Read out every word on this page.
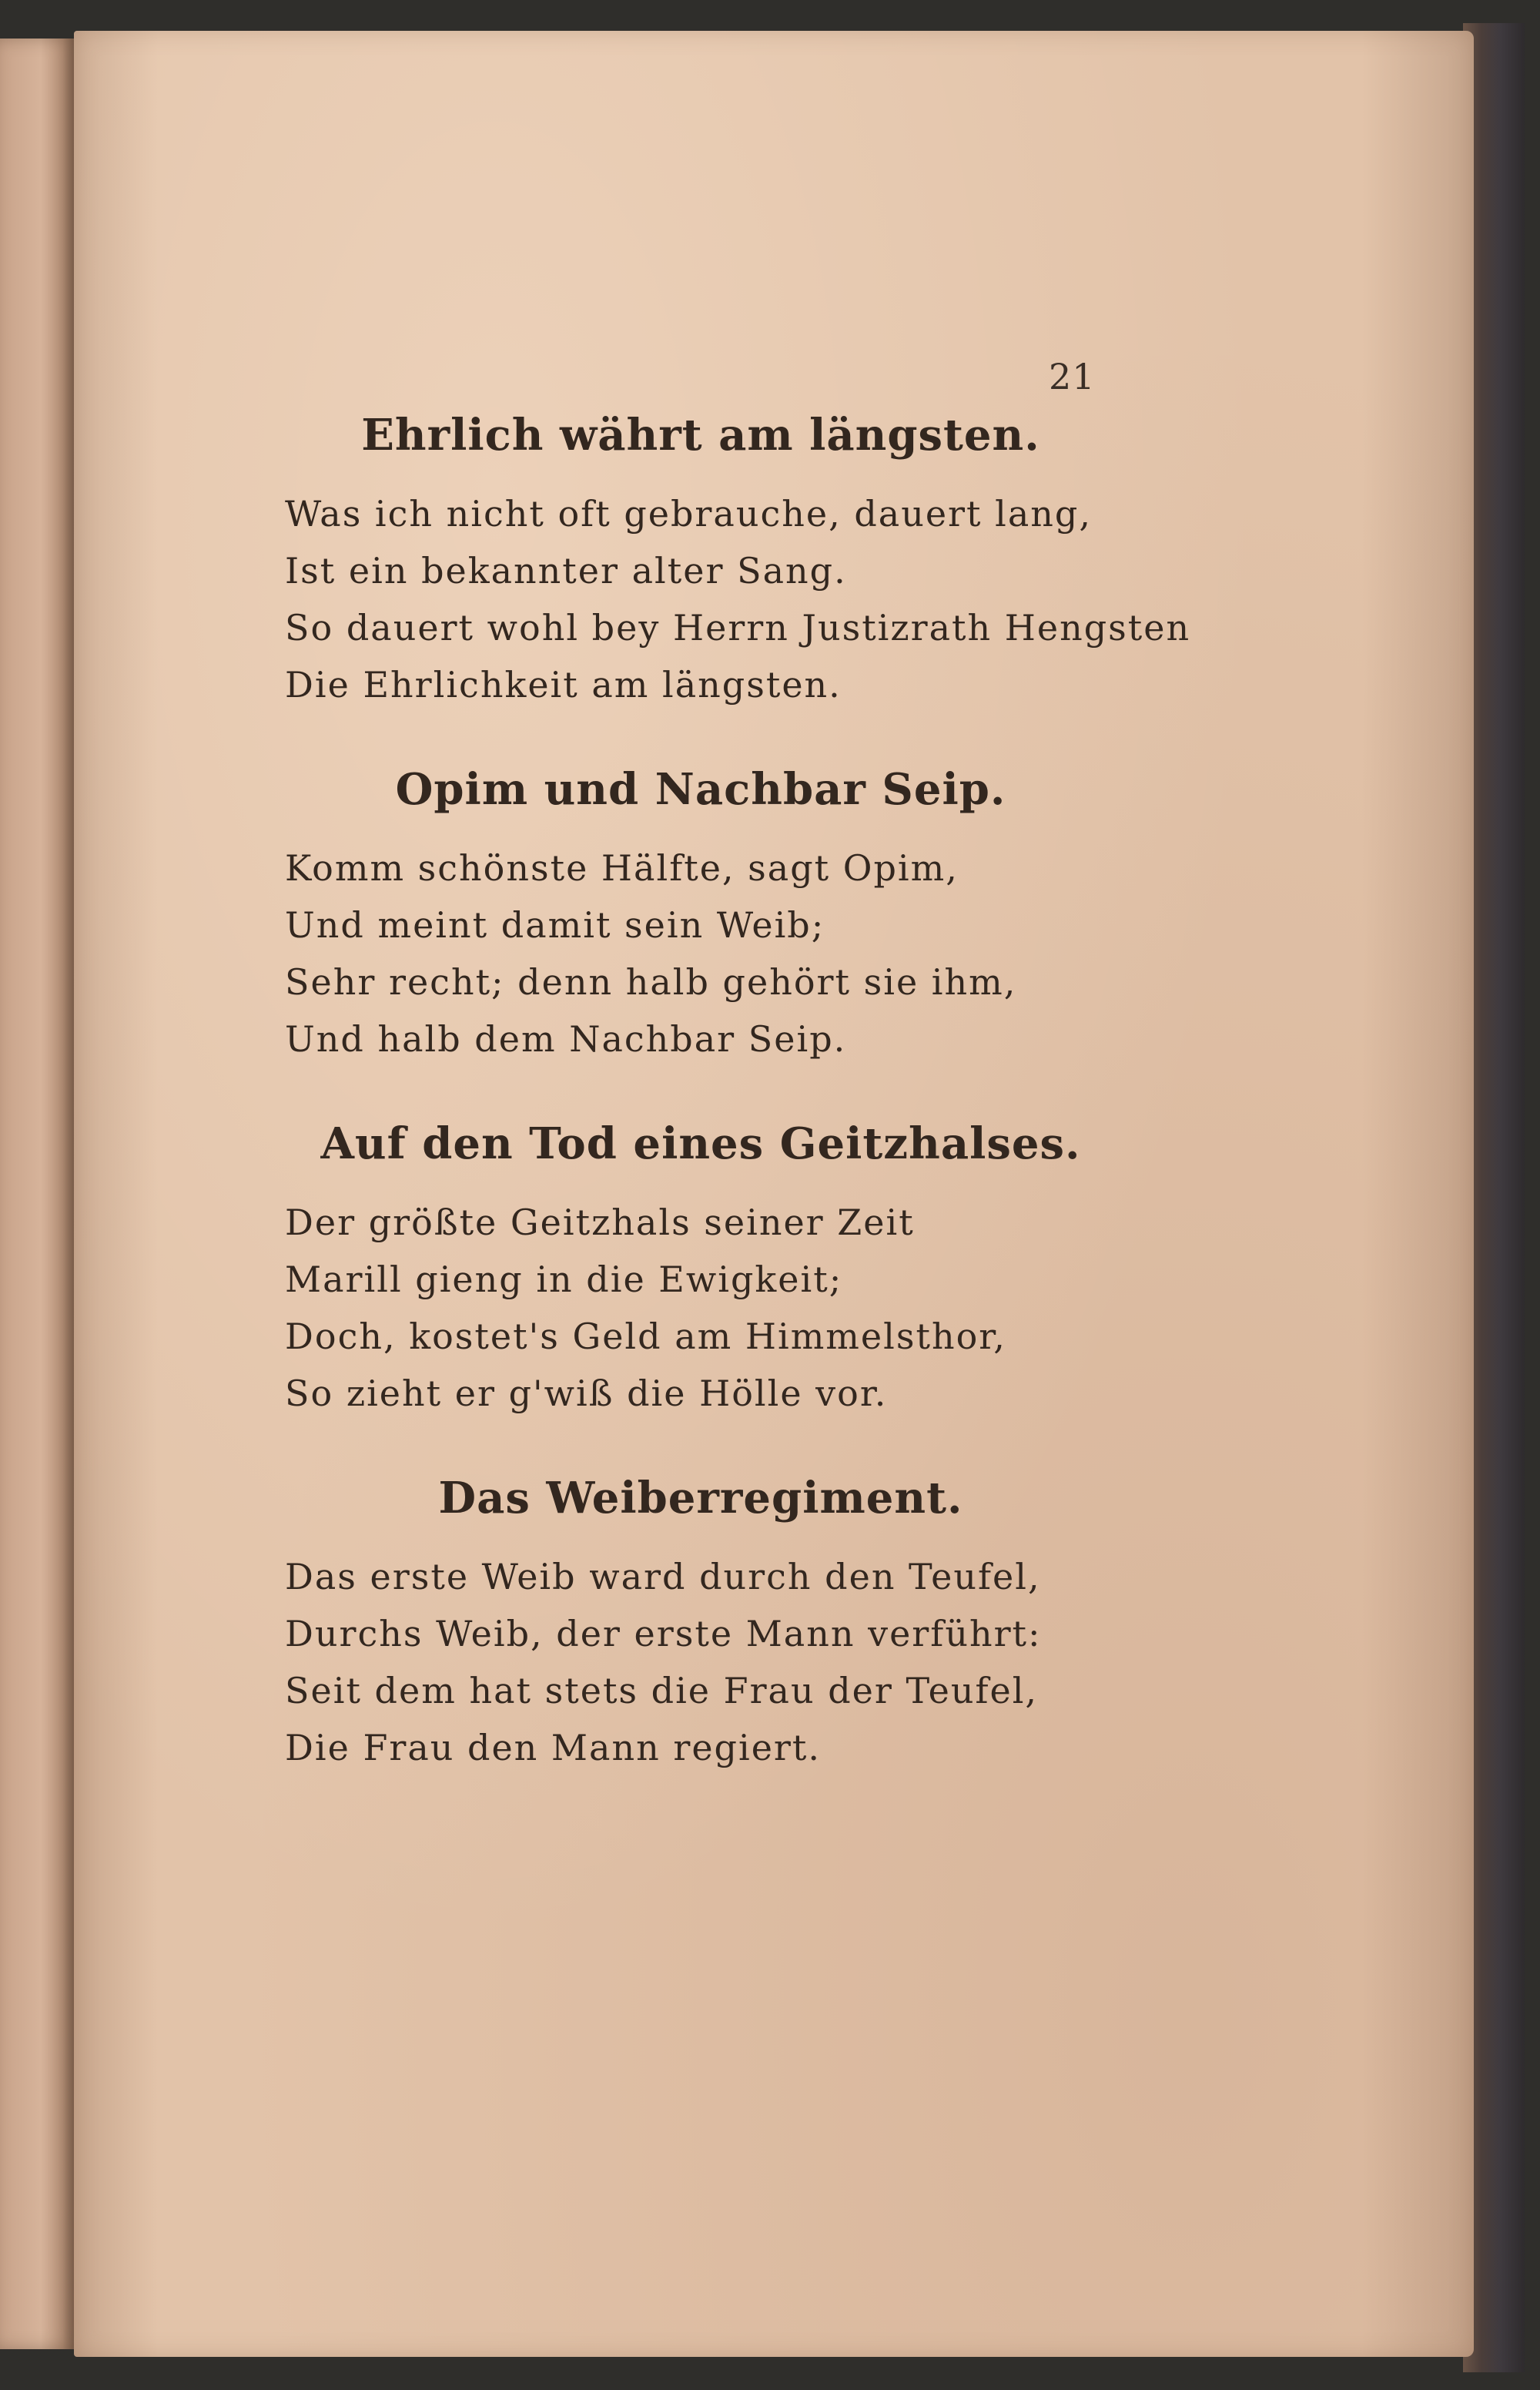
21
Ehrlich währt am längsten.
Was ich nicht oft gebrauche, dauert lang,
Ist ein bekannter alter Sang.
So dauert wohl bey Herrn Justizrath Hengsten
Die Ehrlichkeit am längsten.
Opim und Nachbar Seip.
Komm schönste Hälfte, sagt Opim,
Und meint damit sein Weib;
Sehr recht; denn halb gehört sie ihm,
Und halb dem Nachbar Seip.
Auf den Tod eines Geitzhalses.
Der größte Geitzhals seiner Zeit
Marill gieng in die Ewigkeit;
Doch, kostet's Geld am Himmelsthor,
So zieht er g'wiß die Hölle vor.
Das Weiberregiment.
Das erste Weib ward durch den Teufel,
Durchs Weib, der erste Mann verführt:
Seit dem hat stets die Frau der Teufel,
Die Frau den Mann regiert.
